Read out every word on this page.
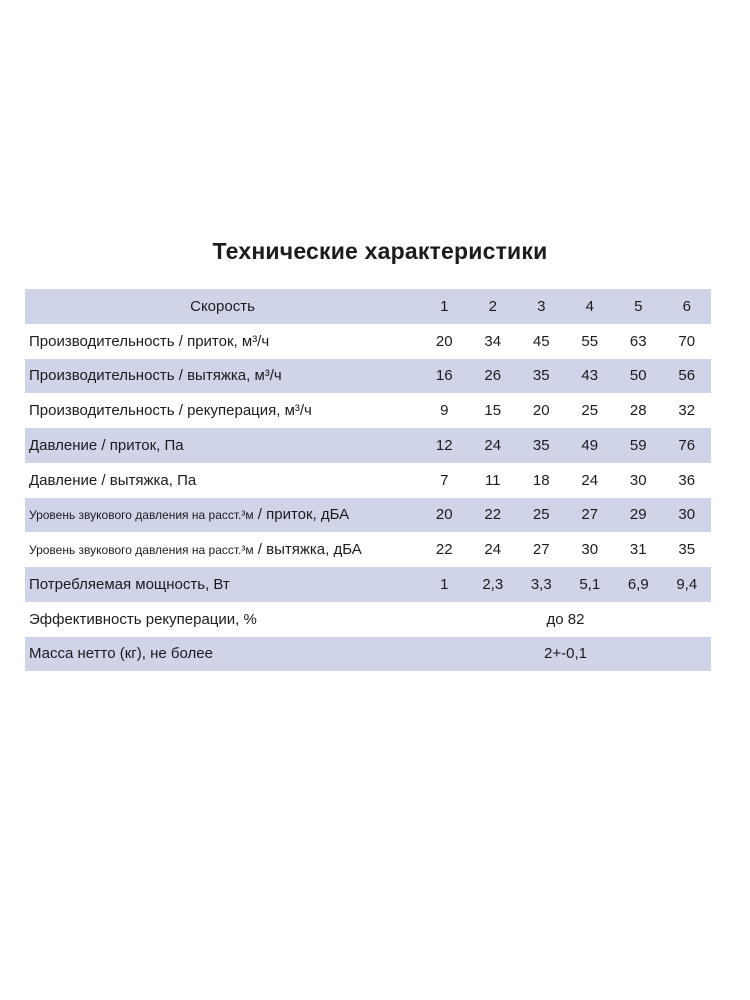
Технические характеристики
Скорость	1	2	3	4	5	6
Производительность / приток, м³/ч	20	34	45	55	63	70
Производительность / вытяжка, м³/ч	16	26	35	43	50	56
Производительность / рекуперация, м³/ч	9	15	20	25	28	32
Давление / приток, Па	12	24	35	49	59	76
Давление / вытяжка, Па	7	11	18	24	30	36
Уровень звукового давления на расст.³м / приток, дБА	20	22	25	27	29	30
Уровень звукового давления на расст.³м / вытяжка, дБА	22	24	27	30	31	35
Потребляемая мощность, Вт	1	2,3	3,3	5,1	6,9	9,4
Эффективность рекуперации, %	до 82					
Масса нетто (кг), не более	2+-0,1					
